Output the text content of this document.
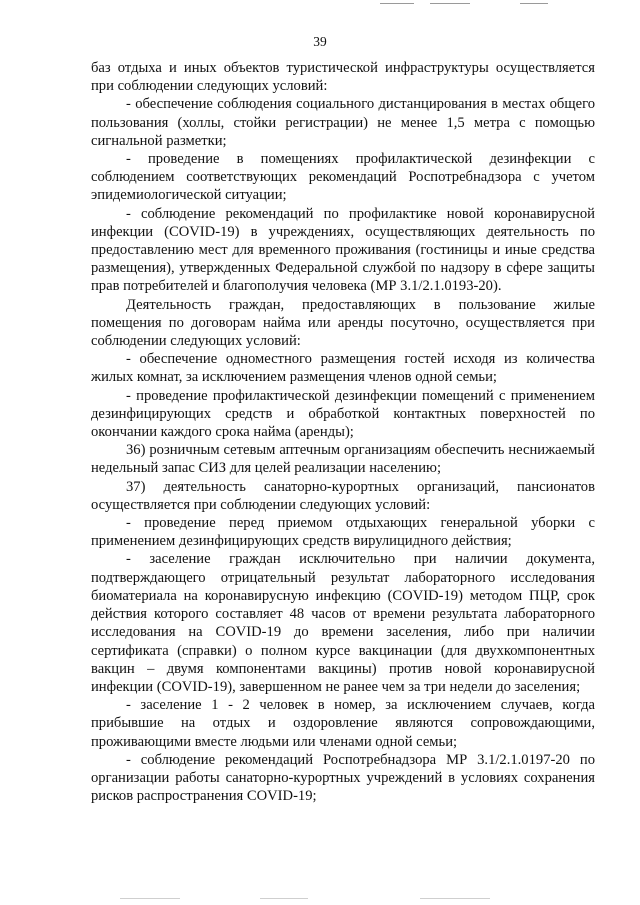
39

баз отдыха и иных объектов туристической инфраструктуры осуществляется при соблюдении следующих условий:

- обеспечение соблюдения социального дистанцирования в местах общего пользования (холлы, стойки регистрации) не менее 1,5 метра с помощью сигнальной разметки;

- проведение в помещениях профилактической дезинфекции с соблюдением соответствующих рекомендаций Роспотребнадзора с учетом эпидемиологической ситуации;

- соблюдение рекомендаций по профилактике новой коронавирусной инфекции (COVID-19) в учреждениях, осуществляющих деятельность по предоставлению мест для временного проживания (гостиницы и иные средства размещения), утвержденных Федеральной службой по надзору в сфере защиты прав потребителей и благополучия человека (МР 3.1/2.1.0193-20).

Деятельность граждан, предоставляющих в пользование жилые помещения по договорам найма или аренды посуточно, осуществляется при соблюдении следующих условий:

- обеспечение одноместного размещения гостей исходя из количества жилых комнат, за исключением размещения членов одной семьи;

- проведение профилактической дезинфекции помещений с применением дезинфицирующих средств и обработкой контактных поверхностей по окончании каждого срока найма (аренды);

36) розничным сетевым аптечным организациям обеспечить неснижаемый недельный запас СИЗ для целей реализации населению;

37) деятельность санаторно-курортных организаций, пансионатов осуществляется при соблюдении следующих условий:

- проведение перед приемом отдыхающих генеральной уборки с применением дезинфицирующих средств вирулицидного действия;

- заселение граждан исключительно при наличии документа, подтверждающего отрицательный результат лабораторного исследования биоматериала на коронавирусную инфекцию (COVID-19) методом ПЦР, срок действия которого составляет 48 часов от времени результата лабораторного исследования на COVID-19 до времени заселения, либо при наличии сертификата (справки) о полном курсе вакцинации (для двухкомпонентных вакцин – двумя компонентами вакцины) против новой коронавирусной инфекции (COVID-19), завершенном не ранее чем за три недели до заселения;

- заселение 1 - 2 человек в номер, за исключением случаев, когда прибывшие на отдых и оздоровление являются сопровождающими, проживающими вместе людьми или членами одной семьи;

- соблюдение рекомендаций Роспотребнадзора МР 3.1/2.1.0197-20 по организации работы санаторно-курортных учреждений в условиях сохранения рисков распространения COVID-19;
